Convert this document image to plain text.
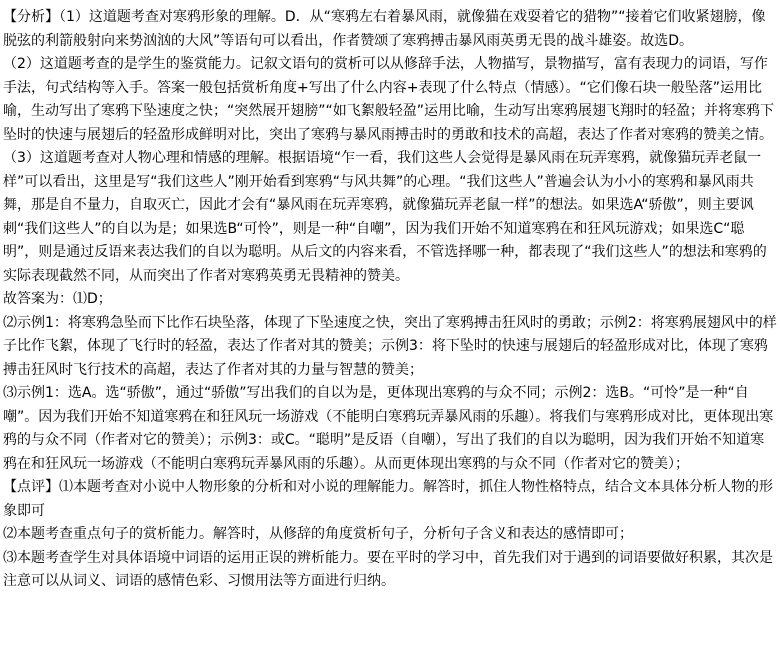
【分析】（1）这道题考查对寒鸦形象的理解。D．从“寒鸦左右着暴风雨，就像猫在戏耍着它的猎物”“接着它们收紧翅膀，像脱弦的利箭般射向来势汹汹的大风”等语句可以看出，作者赞颂了寒鸦搏击暴风雨英勇无畏的战斗雄姿。故选D。

（2）这道题考查的是学生的鉴赏能力。记叙文语句的赏析可以从修辞手法，人物描写，景物描写，富有表现力的词语，写作手法，句式结构等入手。答案一般包括赏析角度+写出了什么内容+表现了什么特点（情感）。“它们像石块一般坠落”运用比喻，生动写出了寒鸦下坠速度之快；“突然展开翅膀”“如飞絮般轻盈”运用比喻，生动写出寒鸦展翅飞翔时的轻盈；并将寒鸦下坠时的快速与展翅后的轻盈形成鲜明对比，突出了寒鸦与暴风雨搏击时的勇敢和技术的高超，表达了作者对寒鸦的赞美之情。

（3）这道题考查对人物心理和情感的理解。根据语境“乍一看，我们这些人会觉得是暴风雨在玩弄寒鸦，就像猫玩弄老鼠一样”可以看出，这里是写“我们这些人”刚开始看到寒鸦“与风共舞”的心理。“我们这些人”普遍会认为小小的寒鸦和暴风雨共舞，那是自不量力，自取灭亡，因此才会有“暴风雨在玩弄寒鸦，就像猫玩弄老鼠一样”的想法。如果选A“骄傲”，则主要讽刺“我们这些人”的自以为是；如果选B“可怜”，则是一种“自嘲”，因为我们开始不知道寒鸦在和狂风玩游戏；如果选C“聪明”，则是通过反语来表达我们的自以为聪明。从后文的内容来看，不管选择哪一种，都表现了“我们这些人”的想法和寒鸦的实际表现截然不同，从而突出了作者对寒鸦英勇无畏精神的赞美。

故答案为：⑴D；

⑵示例1：将寒鸦急坠而下比作石块坠落，体现了下坠速度之快，突出了寒鸦搏击狂风时的勇敢；示例2：将寒鸦展翅风中的样子比作飞絮，体现了飞行时的轻盈，表达了作者对其的赞美；示例3：将下坠时的快速与展翅后的轻盈形成对比，体现了寒鸦搏击狂风时飞行技术的高超，表达了作者对其的力量与智慧的赞美；

⑶示例1：选A。选“骄傲”，通过“骄傲”写出我们的自以为是，更体现出寒鸦的与众不同；示例2：选B。“可怜”是一种“自嘲”。因为我们开始不知道寒鸦在和狂风玩一场游戏（不能明白寒鸦玩弄暴风雨的乐趣）。将我们与寒鸦形成对比，更体现出寒鸦的与众不同（作者对它的赞美）；示例3：或C。“聪明”是反语（自嘲），写出了我们的自以为聪明，因为我们开始不知道寒鸦在和狂风玩一场游戏（不能明白寒鸦玩弄暴风雨的乐趣）。从而更体现出寒鸦的与众不同（作者对它的赞美）；

【点评】⑴本题考查对小说中人物形象的分析和对小说的理解能力。解答时，抓住人物性格特点，结合文本具体分析人物的形象即可

⑵本题考查重点句子的赏析能力。解答时，从修辞的角度赏析句子，分析句子含义和表达的感情即可；

⑶本题考查学生对具体语境中词语的运用正误的辨析能力。要在平时的学习中，首先我们对于遇到的词语要做好积累，其次是注意可以从词义、词语的感情色彩、习惯用法等方面进行归纳。
